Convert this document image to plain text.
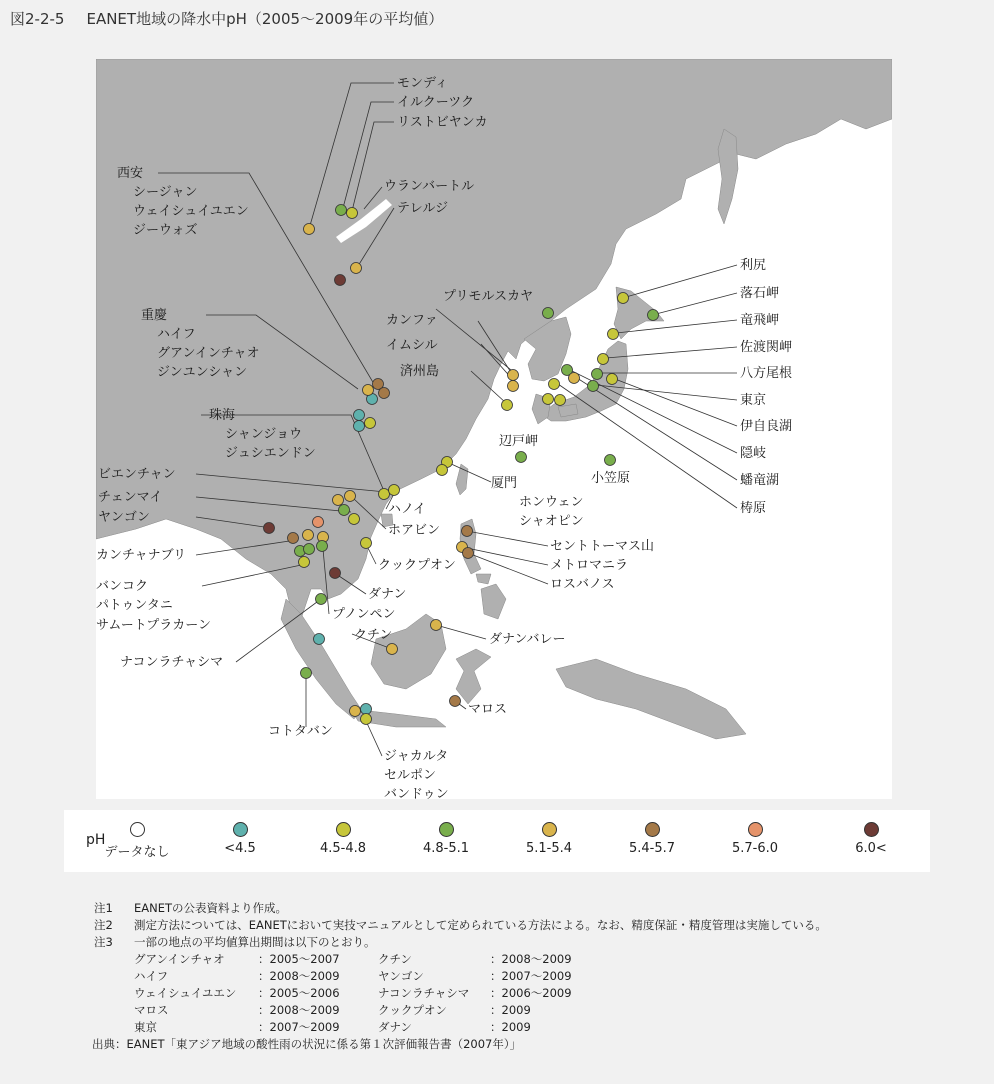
図2-2-5 EANET地域の降水中pH（2005～2009年の平均値）
モンディ
イルクーツク
リストビヤンカ
ウランバートル
テレルジ
西安
シージャン
ウェイシュイユエン
ジーウォズ
プリモルスカヤ
カンファ
イムシル
済州島
重慶
ハイフ
グアンインチャオ
ジンユンシャン
珠海
シャンジョウ
ジュシエンドン
辺戸岬
小笠原
厦門
ホンウェン
シャオピン
ビエンチャン
チェンマイ
ヤンゴン
ハノイ
ホアビン
カンチャナブリ
クックプオン
ダナン
バンコク
パトゥンタニ
サムートプラカーン
プノンペン
クチン
ナコンラチャシマ
ダナンバレー
セントトーマス山
メトロマニラ
ロスバノス
マロス
コトタバン
ジャカルタ
セルポン
バンドゥン
利尻
落石岬
竜飛岬
佐渡関岬
八方尾根
東京
伊自良湖
隠岐
蟠竜湖
梼原
pH
データなし	<4.5	4.5-4.8	4.8-5.1	5.1-5.4	5.4-5.7	5.7-6.0	6.0<
注1 EANETの公表資料より作成。
注2 測定方法については、EANETにおいて実技マニュアルとして定められている方法による。なお、精度保証・精度管理は実施している。
注3 一部の地点の平均値算出期間は以下のとおり。
グアンインチャオ	：2005～2007	クチン	：2008～2009
ハイフ	：2008～2009	ヤンゴン	：2007～2009
ウェイシュイユエン ：2005～2006	ナコンラチャシマ ：2006～2009
マロス	：2008～2009	クックプオン	：2009
東京	：2007～2009	ダナン	：2009
出典：EANET「東アジア地域の酸性雨の状況に係る第１次評価報告書（2007年）」
